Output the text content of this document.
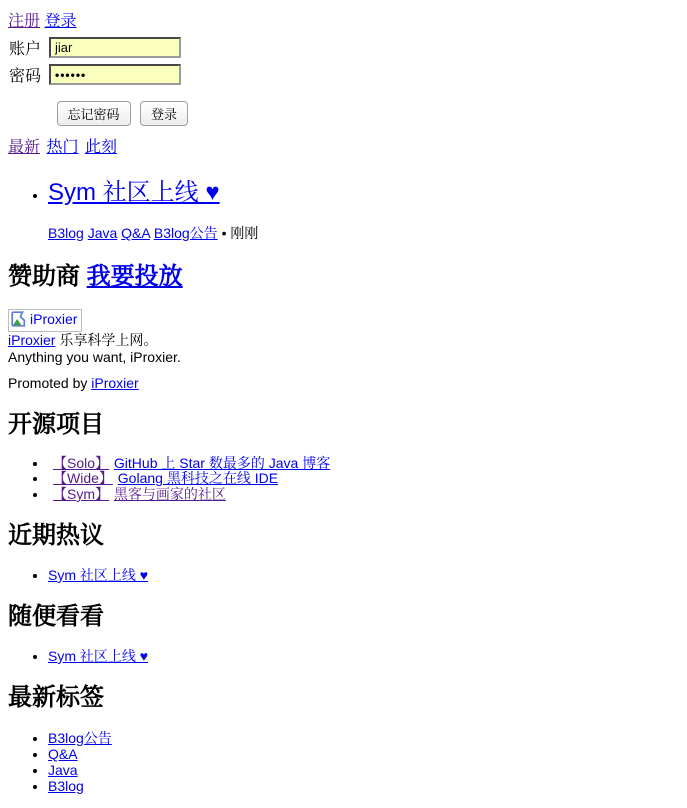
注册 登录
账户	jiar
密码	••••••
忘记密码 登录
最新 热门 此刻
• Sym 社区上线 ♥
B3log Java Q&A B3log公告 • 刚刚
赞助商 我要投放
iProxier
iProxier 乐享科学上网。
Anything you want, iProxier.
Promoted by iProxier
开源项目
• 【Solo】 GitHub 上 Star 数最多的 Java 博客
• 【Wide】 Golang 黑科技之在线 IDE
• 【Sym】 黑客与画家的社区
近期热议
• Sym 社区上线 ♥
随便看看
• Sym 社区上线 ♥
最新标签
• B3log公告
• Q&A
• Java
• B3log
